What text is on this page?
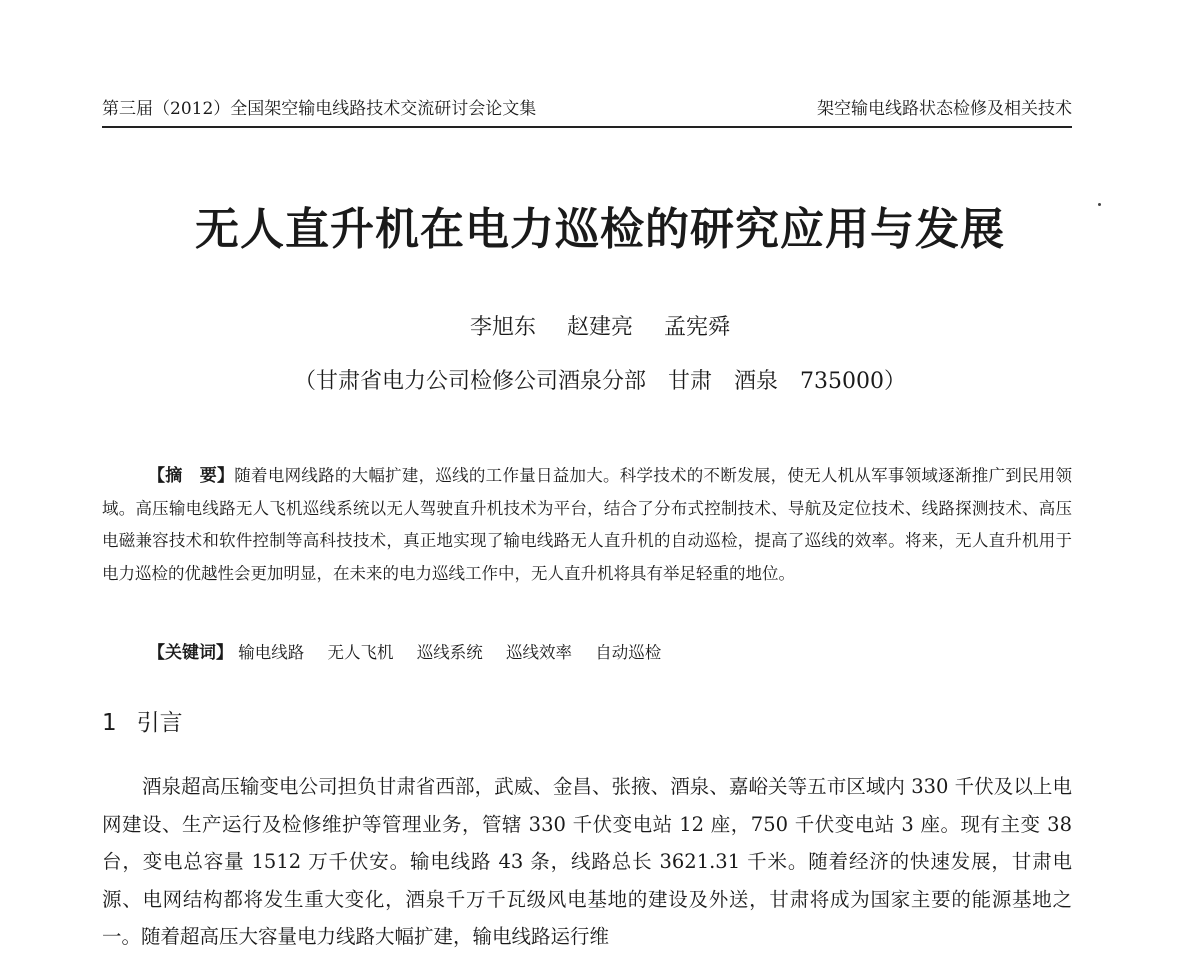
第三届（2012）全国架空输电线路技术交流研讨会论文集	架空输电线路状态检修及相关技术
无人直升机在电力巡检的研究应用与发展
李旭东 赵建亮 孟宪舜
（甘肃省电力公司检修公司酒泉分部　甘肃　酒泉　735000）
【摘　要】随着电网线路的大幅扩建，巡线的工作量日益加大。科学技术的不断发展，使无人机从军事领域逐渐推广到民用领域。高压输电线路无人飞机巡线系统以无人驾驶直升机技术为平台，结合了分布式控制技术、导航及定位技术、线路探测技术、高压电磁兼容技术和软件控制等高科技技术，真正地实现了输电线路无人直升机的自动巡检，提高了巡线的效率。将来，无人直升机用于电力巡检的优越性会更加明显，在未来的电力巡线工作中，无人直升机将具有举足轻重的地位。
【关键词】 输电线路 无人飞机 巡线系统 巡线效率 自动巡检
1 引言
酒泉超高压输变电公司担负甘肃省西部，武威、金昌、张掖、酒泉、嘉峪关等五市区域内 330 千伏及以上电网建设、生产运行及检修维护等管理业务，管辖 330 千伏变电站 12 座，750 千伏变电站 3 座。现有主变 38 台，变电总容量 1512 万千伏安。输电线路 43 条，线路总长 3621.31 千米。随着经济的快速发展，甘肃电源、电网结构都将发生重大变化，酒泉千万千瓦级风电基地的建设及外送，甘肃将成为国家主要的能源基地之一。随着超高压大容量电力线路大幅扩建，输电线路运行维
